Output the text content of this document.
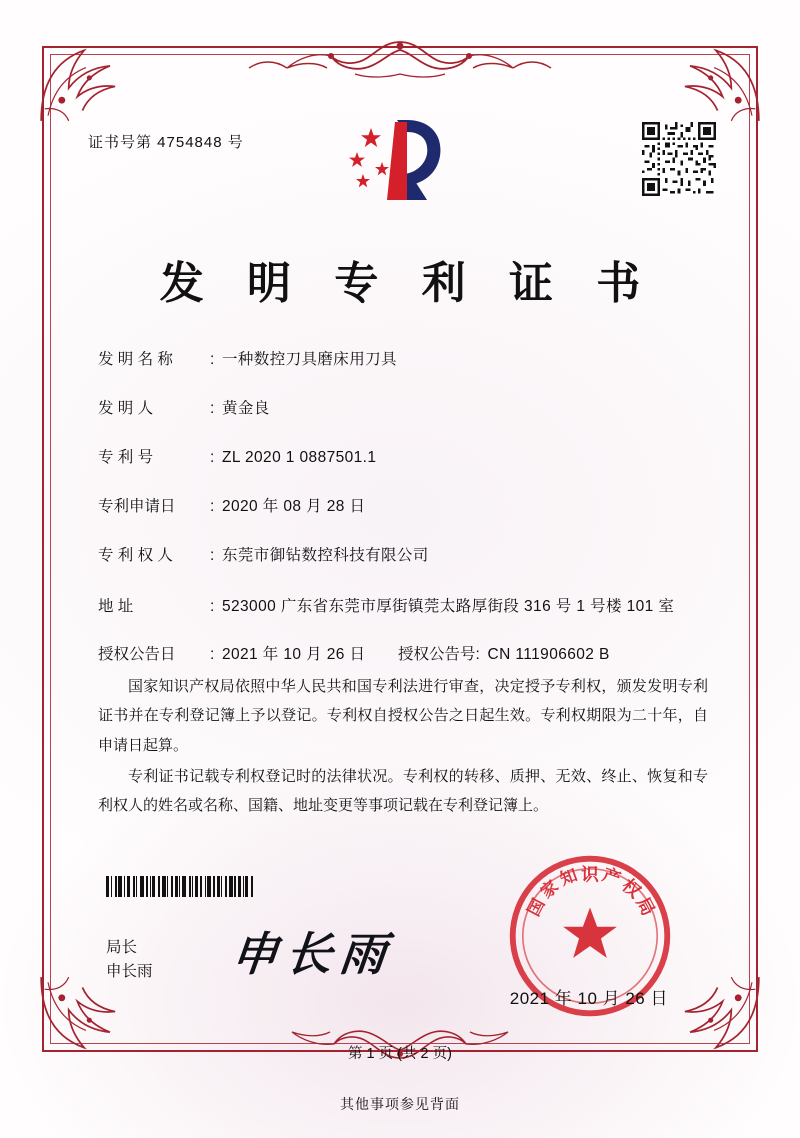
证书号第 4754848 号
发 明 专 利 证 书
发 明 名 称	: 一种数控刀具磨床用刀具
发 明 人	: 黄金良
专 利 号	: ZL 2020 1 0887501.1
专利申请日	: 2020 年 08 月 28 日
专 利 权 人	: 东莞市御钻数控科技有限公司
地 址	: 523000 广东省东莞市厚街镇莞太路厚街段 316 号 1 号楼 101 室
授权公告日	: 2021 年 10 月 26 日	授权公告号 : CN 111906602 B

国家知识产权局依照中华人民共和国专利法进行审查，决定授予专利权，颁发发明专利证书并在专利登记簿上予以登记。专利权自授权公告之日起生效。专利权期限为二十年，自申请日起算。

专利证书记载专利权登记时的法律状况。专利权的转移、质押、无效、终止、恢复和专利权人的姓名或名称、国籍、地址变更等事项记载在专利登记簿上。

局长
申长雨 申长雨
识 产
权
局
国
家
知
2021 年 10 月 26 日
第 1 页 (共 2 页)
其他事项参见背面
